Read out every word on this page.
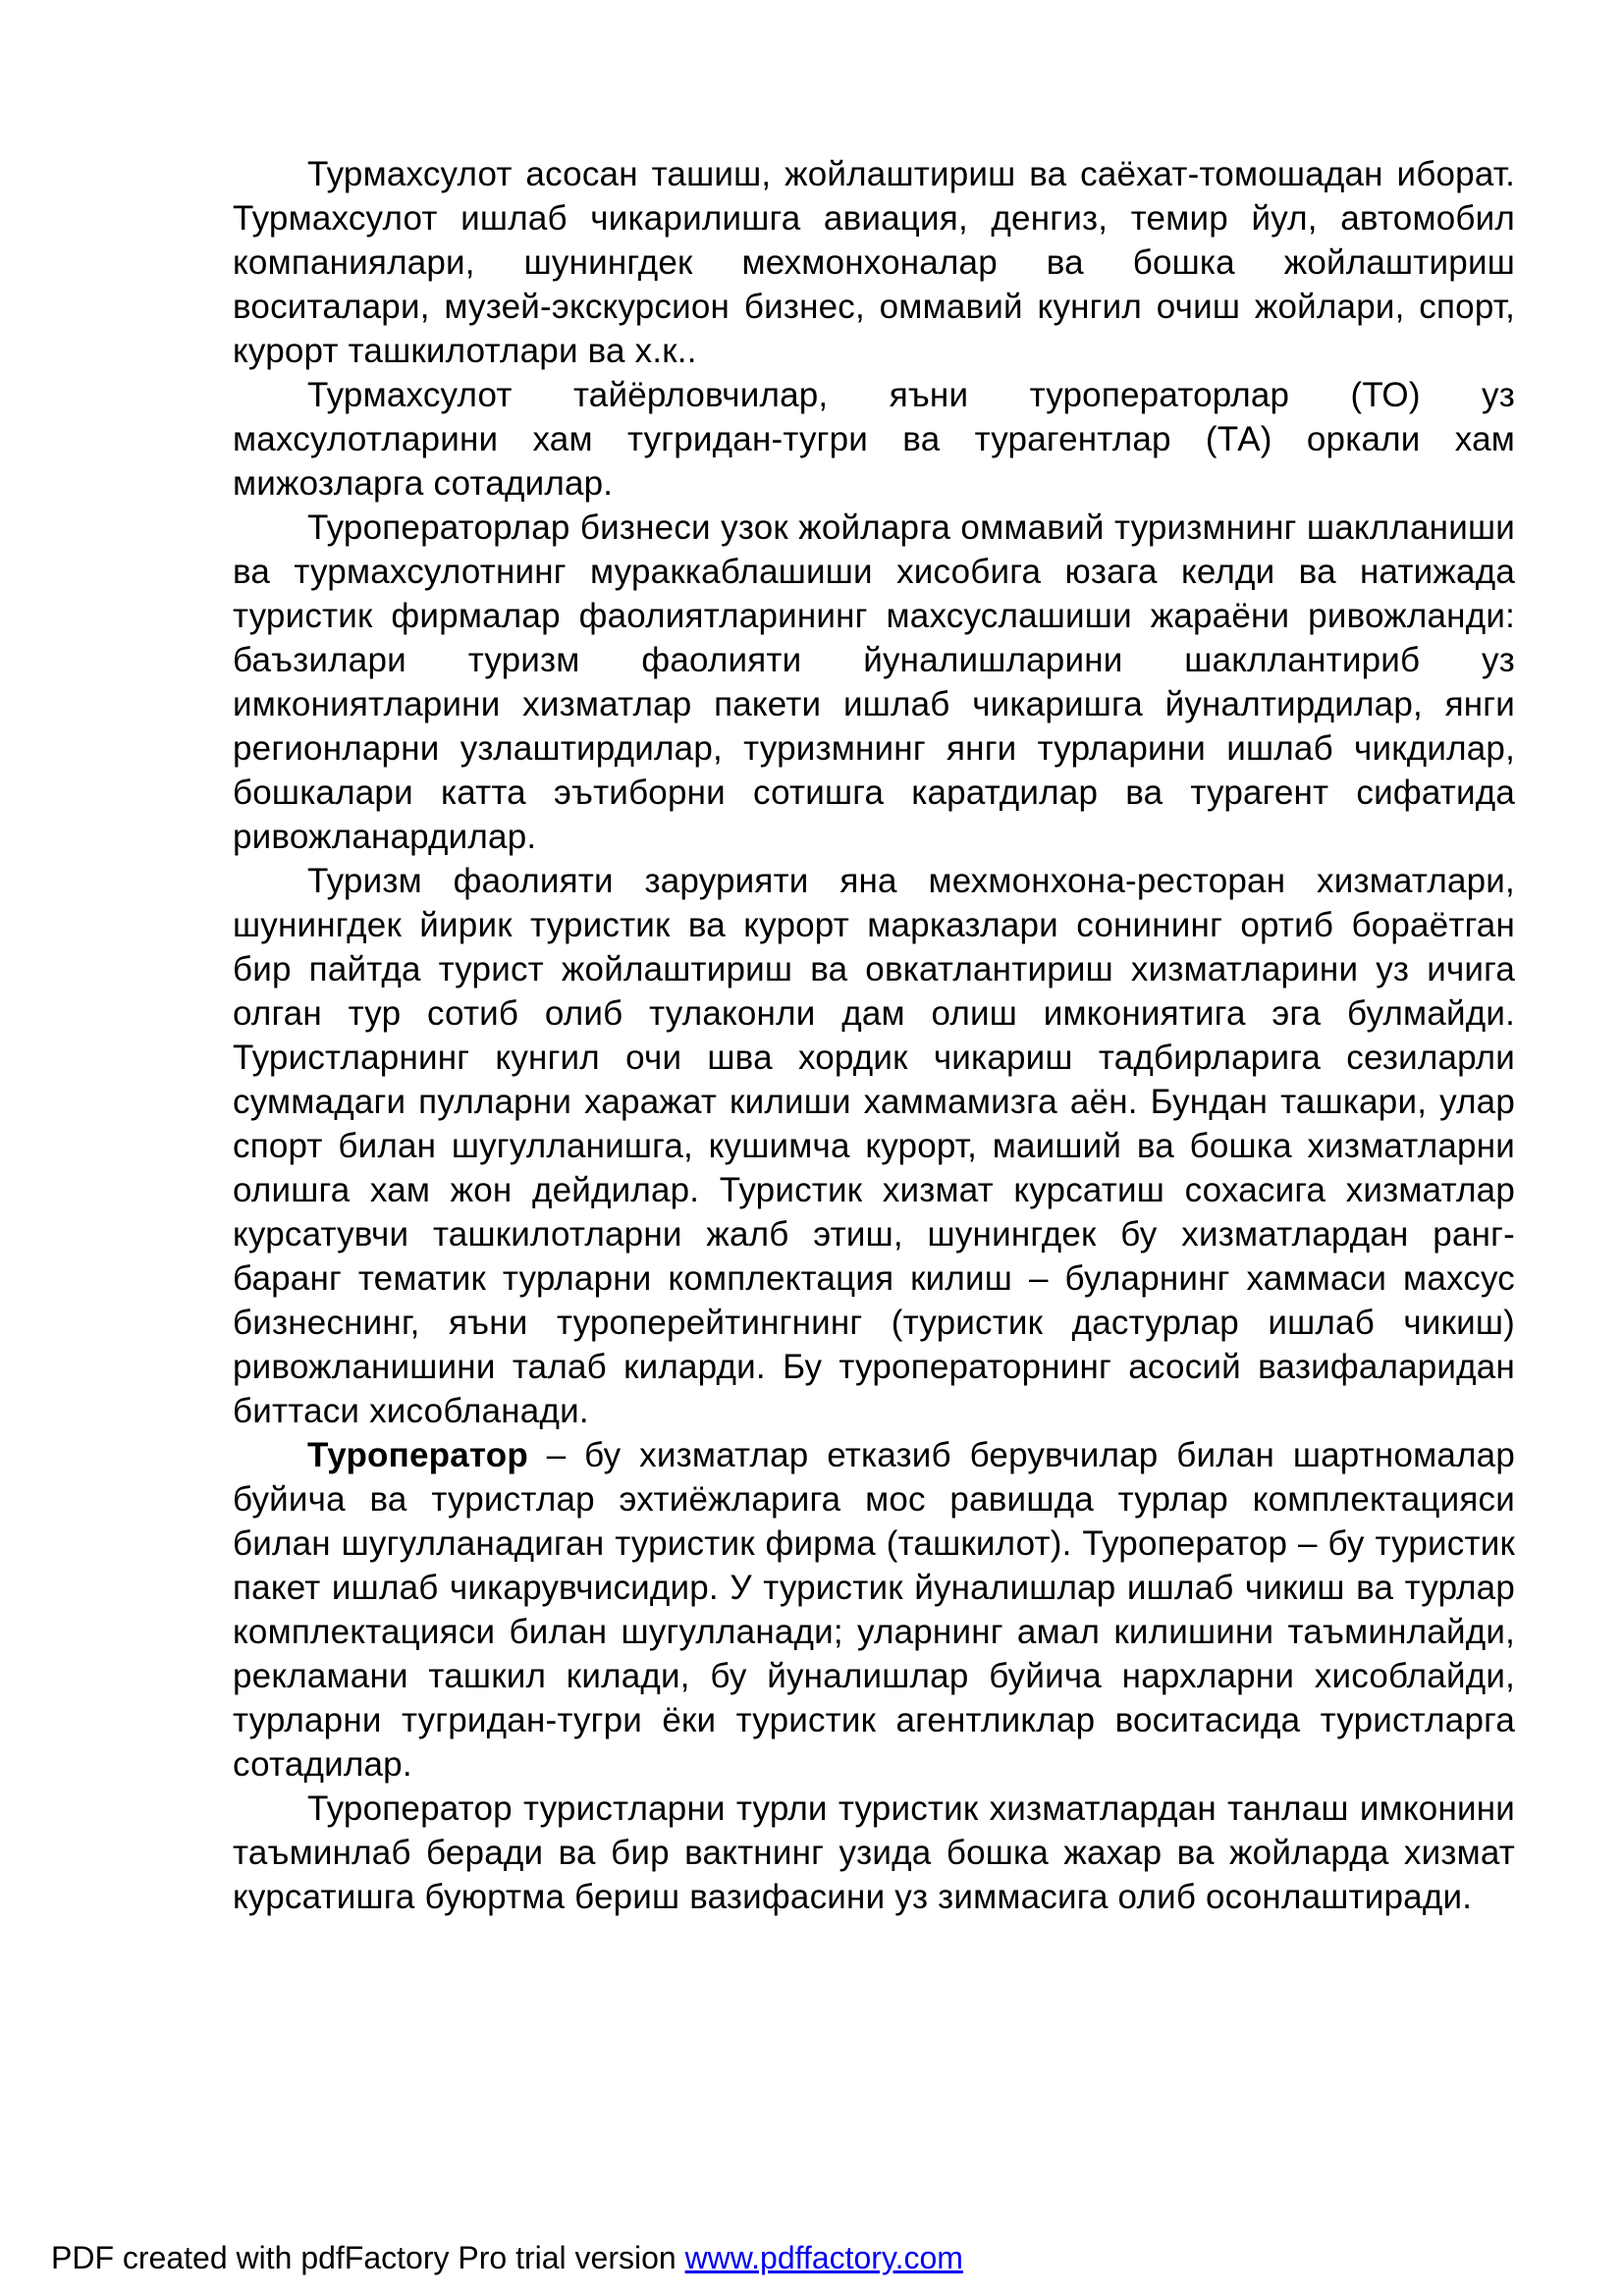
Турмахсулот асосан ташиш, жойлаштириш ва саёхат-томошадан иборат. Турмахсулот ишлаб чикарилишга авиация, денгиз, темир йул, автомобил компаниялари, шунингдек мехмонхоналар ва бошка жойлаштириш воситалари, музей-экскурсион бизнес, оммавий кунгил очиш жойлари, спорт, курорт ташкилотлари ва х.к..

Турмахсулот тайёрловчилар, яъни туроператорлар (ТО) уз махсулотларини хам тугридан-тугри ва турагентлар (ТА) оркали хам мижозларга сотадилар.

Туроператорлар бизнеси узок жойларга оммавий туризмнинг шаклланиши ва турмахсулотнинг мураккаблашиши хисобига юзага келди ва натижада туристик фирмалар фаолиятларининг махсуслашиши жараёни ривожланди: баъзилари туризм фаолияти йуналишларини шакллантириб уз имкониятларини хизматлар пакети ишлаб чикаришга йуналтирдилар, янги регионларни узлаштирдилар, туризмнинг янги турларини ишлаб чикдилар, бошкалари катта эътиборни сотишга каратдилар ва турагент сифатида ривожланардилар.

Туризм фаолияти зарурияти яна мехмонхона-ресторан хизматлари, шунингдек йирик туристик ва курорт марказлари сонининг ортиб бораётган бир пайтда турист жойлаштириш ва овкатлантириш хизматларини уз ичига олган тур сотиб олиб тулаконли дам олиш имкониятига эга булмайди. Туристларнинг кунгил очи шва хордик чикариш тадбирларига сезиларли суммадаги пулларни харажат килиши хаммамизга аён. Бундан ташкари, улар спорт билан шугулланишга, кушимча курорт, маиший ва бошка хизматларни олишга хам жон дейдилар. Туристик хизмат курсатиш сохасига хизматлар курсатувчи ташкилотларни жалб этиш, шунингдек бу хизматлардан ранг-баранг тематик турларни комплектация килиш – буларнинг хаммаси махсус бизнеснинг, яъни туроперейтингнинг (туристик дастурлар ишлаб чикиш) ривожланишини талаб киларди. Бу туроператорнинг асосий вазифаларидан биттаси хисобланади.

Туроператор – бу хизматлар етказиб берувчилар билан шартномалар буйича ва туристлар эхтиёжларига мос равишда турлар комплектацияси билан шугулланадиган туристик фирма (ташкилот). Туроператор – бу туристик пакет ишлаб чикарувчисидир. У туристик йуналишлар ишлаб чикиш ва турлар комплектацияси билан шугулланади; уларнинг амал килишини таъминлайди, рекламани ташкил килади, бу йуналишлар буйича нархларни хисоблайди, турларни тугридан-тугри ёки туристик агентликлар воситасида туристларга сотадилар.

Туроператор туристларни турли туристик хизматлардан танлаш имконини таъминлаб беради ва бир вактнинг узида бошка жахар ва жойларда хизмат курсатишга буюртма бериш вазифасини уз зиммасига олиб осонлаштиради.

PDF created with pdfFactory Pro trial version www.pdffactory.com
